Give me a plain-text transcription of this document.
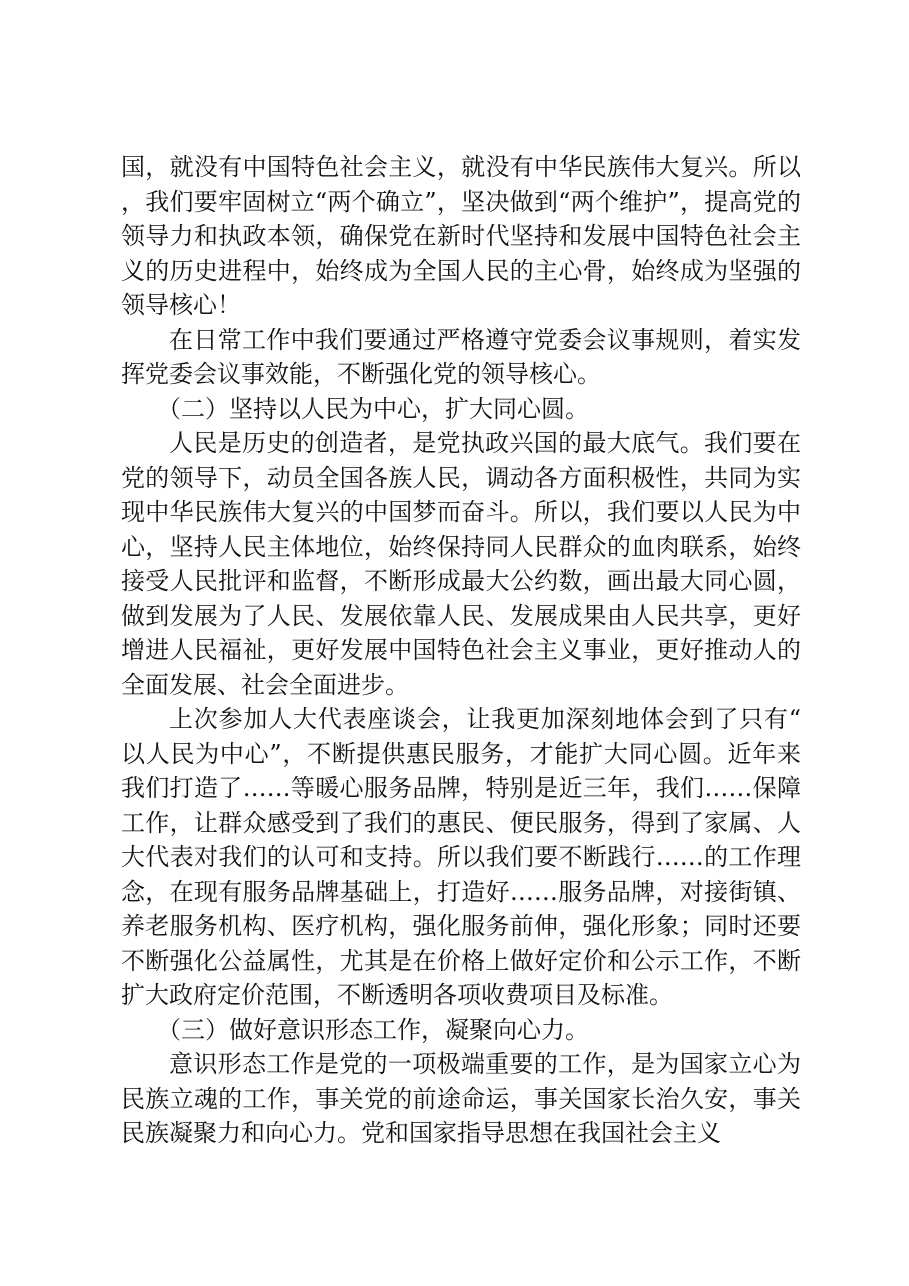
国，就没有中国特色社会主义，就没有中华民族伟大复兴。所以，我们要牢固树立“两个确立”，坚决做到“两个维护”，提高党的领导力和执政本领，确保党在新时代坚持和发展中国特色社会主义的历史进程中，始终成为全国人民的主心骨，始终成为坚强的领导核心！

在日常工作中我们要通过严格遵守党委会议事规则，着实发挥党委会议事效能，不断强化党的领导核心。

（二）坚持以人民为中心，扩大同心圆。

人民是历史的创造者，是党执政兴国的最大底气。我们要在党的领导下，动员全国各族人民，调动各方面积极性，共同为实现中华民族伟大复兴的中国梦而奋斗。所以，我们要以人民为中心，坚持人民主体地位，始终保持同人民群众的血肉联系，始终接受人民批评和监督，不断形成最大公约数，画出最大同心圆，做到发展为了人民、发展依靠人民、发展成果由人民共享，更好增进人民福祉，更好发展中国特色社会主义事业，更好推动人的全面发展、社会全面进步。

上次参加人大代表座谈会，让我更加深刻地体会到了只有“以人民为中心”，不断提供惠民服务，才能扩大同心圆。近年来我们打造了……等暖心服务品牌，特别是近三年，我们……保障工作，让群众感受到了我们的惠民、便民服务，得到了家属、人大代表对我们的认可和支持。所以我们要不断践行……的工作理念，在现有服务品牌基础上，打造好……服务品牌，对接街镇、养老服务机构、医疗机构，强化服务前伸，强化形象；同时还要不断强化公益属性，尤其是在价格上做好定价和公示工作，不断扩大政府定价范围，不断透明各项收费项目及标准。

（三）做好意识形态工作，凝聚向心力。

意识形态工作是党的一项极端重要的工作，是为国家立心为民族立魂的工作，事关党的前途命运，事关国家长治久安，事关民族凝聚力和向心力。党和国家指导思想在我国社会主义
